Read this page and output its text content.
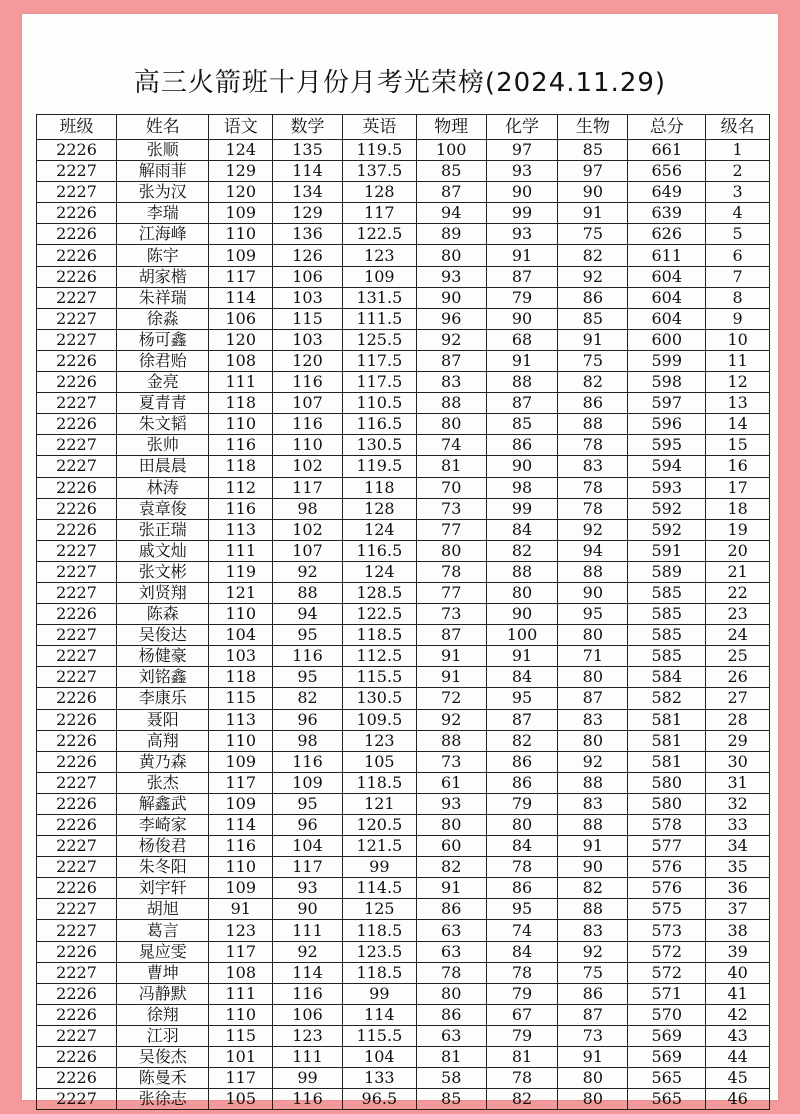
高三火箭班十月份月考光荣榜(2024.11.29)
班级	姓名	语文	数学	英语	物理	化学	生物	总分	级名
2226	张顺	124	135	119.5	100	97	85	661	1
2227	解雨菲	129	114	137.5	85	93	97	656	2
2227	张为汉	120	134	128	87	90	90	649	3
2226	李瑞	109	129	117	94	99	91	639	4
2226	江海峰	110	136	122.5	89	93	75	626	5
2226	陈宇	109	126	123	80	91	82	611	6
2226	胡家楷	117	106	109	93	87	92	604	7
2227	朱祥瑞	114	103	131.5	90	79	86	604	8
2227	徐淼	106	115	111.5	96	90	85	604	9
2227	杨可鑫	120	103	125.5	92	68	91	600	10
2226	徐君贻	108	120	117.5	87	91	75	599	11
2226	金亮	111	116	117.5	83	88	82	598	12
2227	夏青青	118	107	110.5	88	87	86	597	13
2226	朱文韬	110	116	116.5	80	85	88	596	14
2227	张帅	116	110	130.5	74	86	78	595	15
2227	田晨晨	118	102	119.5	81	90	83	594	16
2226	林涛	112	117	118	70	98	78	593	17
2226	袁章俊	116	98	128	73	99	78	592	18
2226	张正瑞	113	102	124	77	84	92	592	19
2227	戚文灿	111	107	116.5	80	82	94	591	20
2227	张文彬	119	92	124	78	88	88	589	21
2227	刘贤翔	121	88	128.5	77	80	90	585	22
2226	陈森	110	94	122.5	73	90	95	585	23
2227	吴俊达	104	95	118.5	87	100	80	585	24
2227	杨健豪	103	116	112.5	91	91	71	585	25
2227	刘铭鑫	118	95	115.5	91	84	80	584	26
2226	李康乐	115	82	130.5	72	95	87	582	27
2226	聂阳	113	96	109.5	92	87	83	581	28
2226	高翔	110	98	123	88	82	80	581	29
2226	黄乃森	109	116	105	73	86	92	581	30
2227	张杰	117	109	118.5	61	86	88	580	31
2226	解鑫武	109	95	121	93	79	83	580	32
2226	李崎家	114	96	120.5	80	80	88	578	33
2227	杨俊君	116	104	121.5	60	84	91	577	34
2227	朱冬阳	110	117	99	82	78	90	576	35
2226	刘宇轩	109	93	114.5	91	86	82	576	36
2227	胡旭	91	90	125	86	95	88	575	37
2227	葛言	123	111	118.5	63	74	83	573	38
2226	晁应雯	117	92	123.5	63	84	92	572	39
2227	曹坤	108	114	118.5	78	78	75	572	40
2226	冯静默	111	116	99	80	79	86	571	41
2226	徐翔	110	106	114	86	67	87	570	42
2227	江羽	115	123	115.5	63	79	73	569	43
2226	吴俊杰	101	111	104	81	81	91	569	44
2226	陈曼禾	117	99	133	58	78	80	565	45
2227	张徐志	105	116	96.5	85	82	80	565	46
